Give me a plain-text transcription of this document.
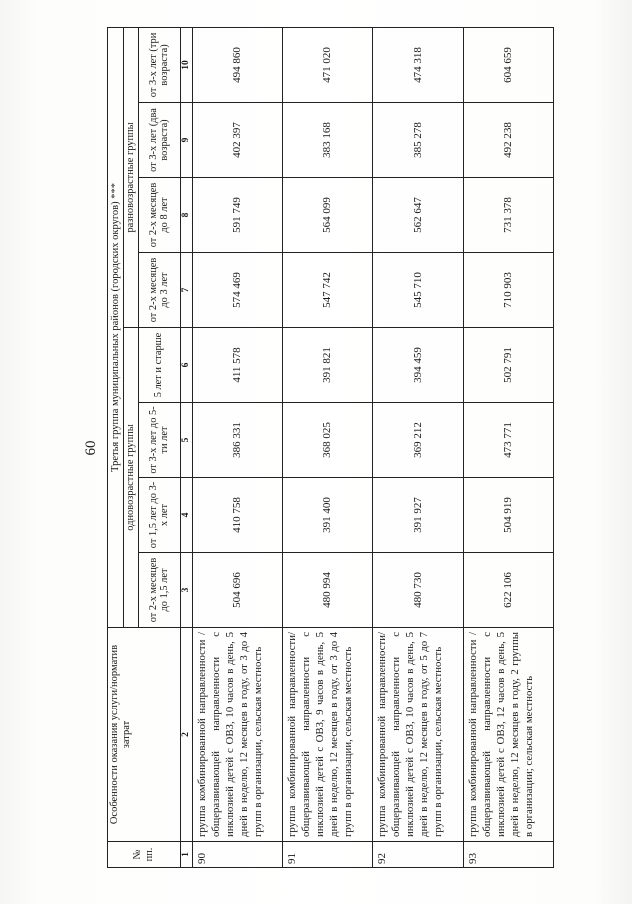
60
№ пп.	Особенности оказания услуги/норматив затрат	Третья группа муниципальных районов (городских округов) ***							
		одновозрастные группы				разновозрастные группы			
		от 2-х месяцев до 1,5 лет	от 1,5 лет до 3-х лет	от 3-х лет до 5-ти лет	5 лет и старше	от 2-х месяцев до 3 лет	от 2-х месяцев до 8 лет	от 3-х лет (два возраста)	от 3-х лет (три возраста)
1	2	3	4	5	6	7	8	9	10
90	группа комбинированной направленности / общеразвивающей направленности с инклюзией детей с ОВЗ, 10 часов в день, 5 дней в неделю, 12 месяцев в году, от 3 до 4 групп в организации, сельская местность	504 696	410 758	386 331	411 578	574 469	591 749	402 397	494 860
91	группа комбинированной направленности/ общеразвивающей направленности с инклюзией детей с ОВЗ, 9 часов в день, 5 дней в неделю, 12 месяцев в году, от 3 до 4 групп в организации, сельская местность	480 994	391 400	368 025	391 821	547 742	564 099	383 168	471 020
92	группа комбинированной направленности/общеразвивающей направленности с инклюзией детей с ОВЗ, 10 часов в день, 5 дней в неделю, 12 месяцев в году, от 5 до 7 групп в организации, сельская местность	480 730	391 927	369 212	394 459	545 710	562 647	385 278	474 318
93	группа комбинированной направленности / общеразвивающей направленности с инклюзией детей с ОВЗ, 12 часов в день, 5 дней в неделю, 12 месяцев в году, 2 группы в организации; сельская местность	622 106	504 919	473 771	502 791	710 903	731 378	492 238	604 659
